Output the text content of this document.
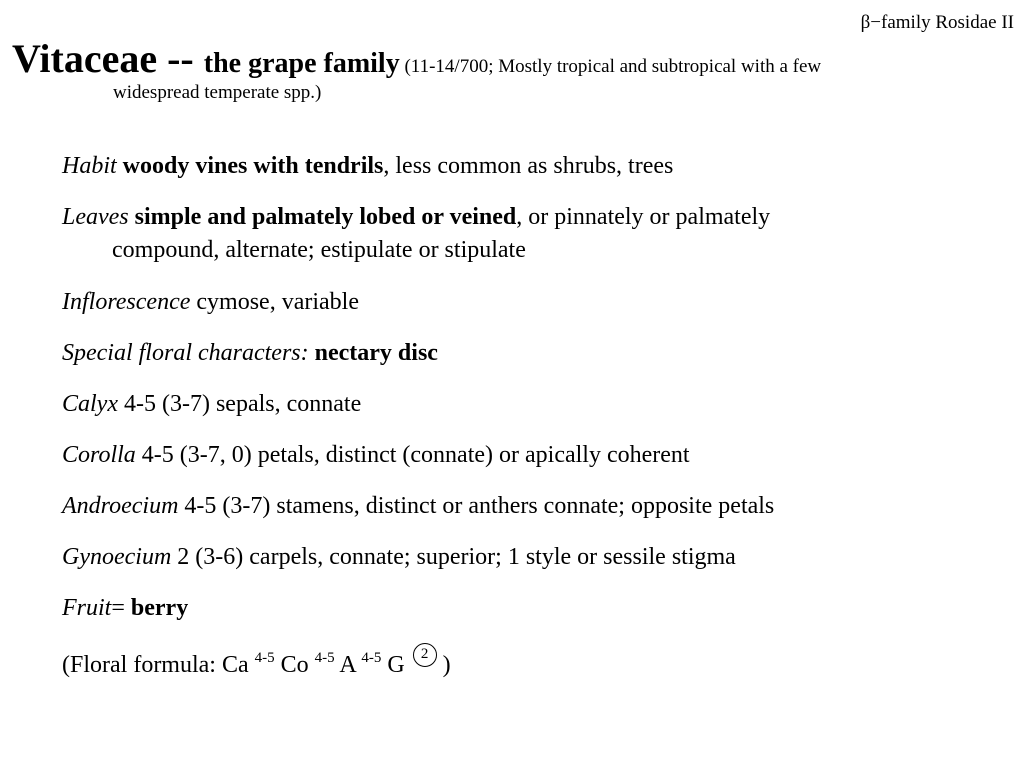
β−family Rosidae II
Vitaceae -- the grape family (11-14/700; Mostly tropical and subtropical with a few
widespread temperate spp.)
Habit woody vines with tendrils, less common as shrubs, trees
Leaves simple and palmately lobed or veined, or pinnately or palmately
compound, alternate; estipulate or stipulate
Inflorescence cymose, variable
Special floral characters: nectary disc
Calyx 4-5 (3-7) sepals, connate
Corolla 4-5 (3-7, 0) petals, distinct (connate) or apically coherent
Androecium 4-5 (3-7) stamens, distinct or anthers connate; opposite petals
Gynoecium 2 (3-6) carpels, connate; superior; 1 style or sessile stigma
Fruit= berry
(Floral formula: Ca $^{4-5}$ Co $^{4-5}$ A $^{4-5}$ G 2 )
